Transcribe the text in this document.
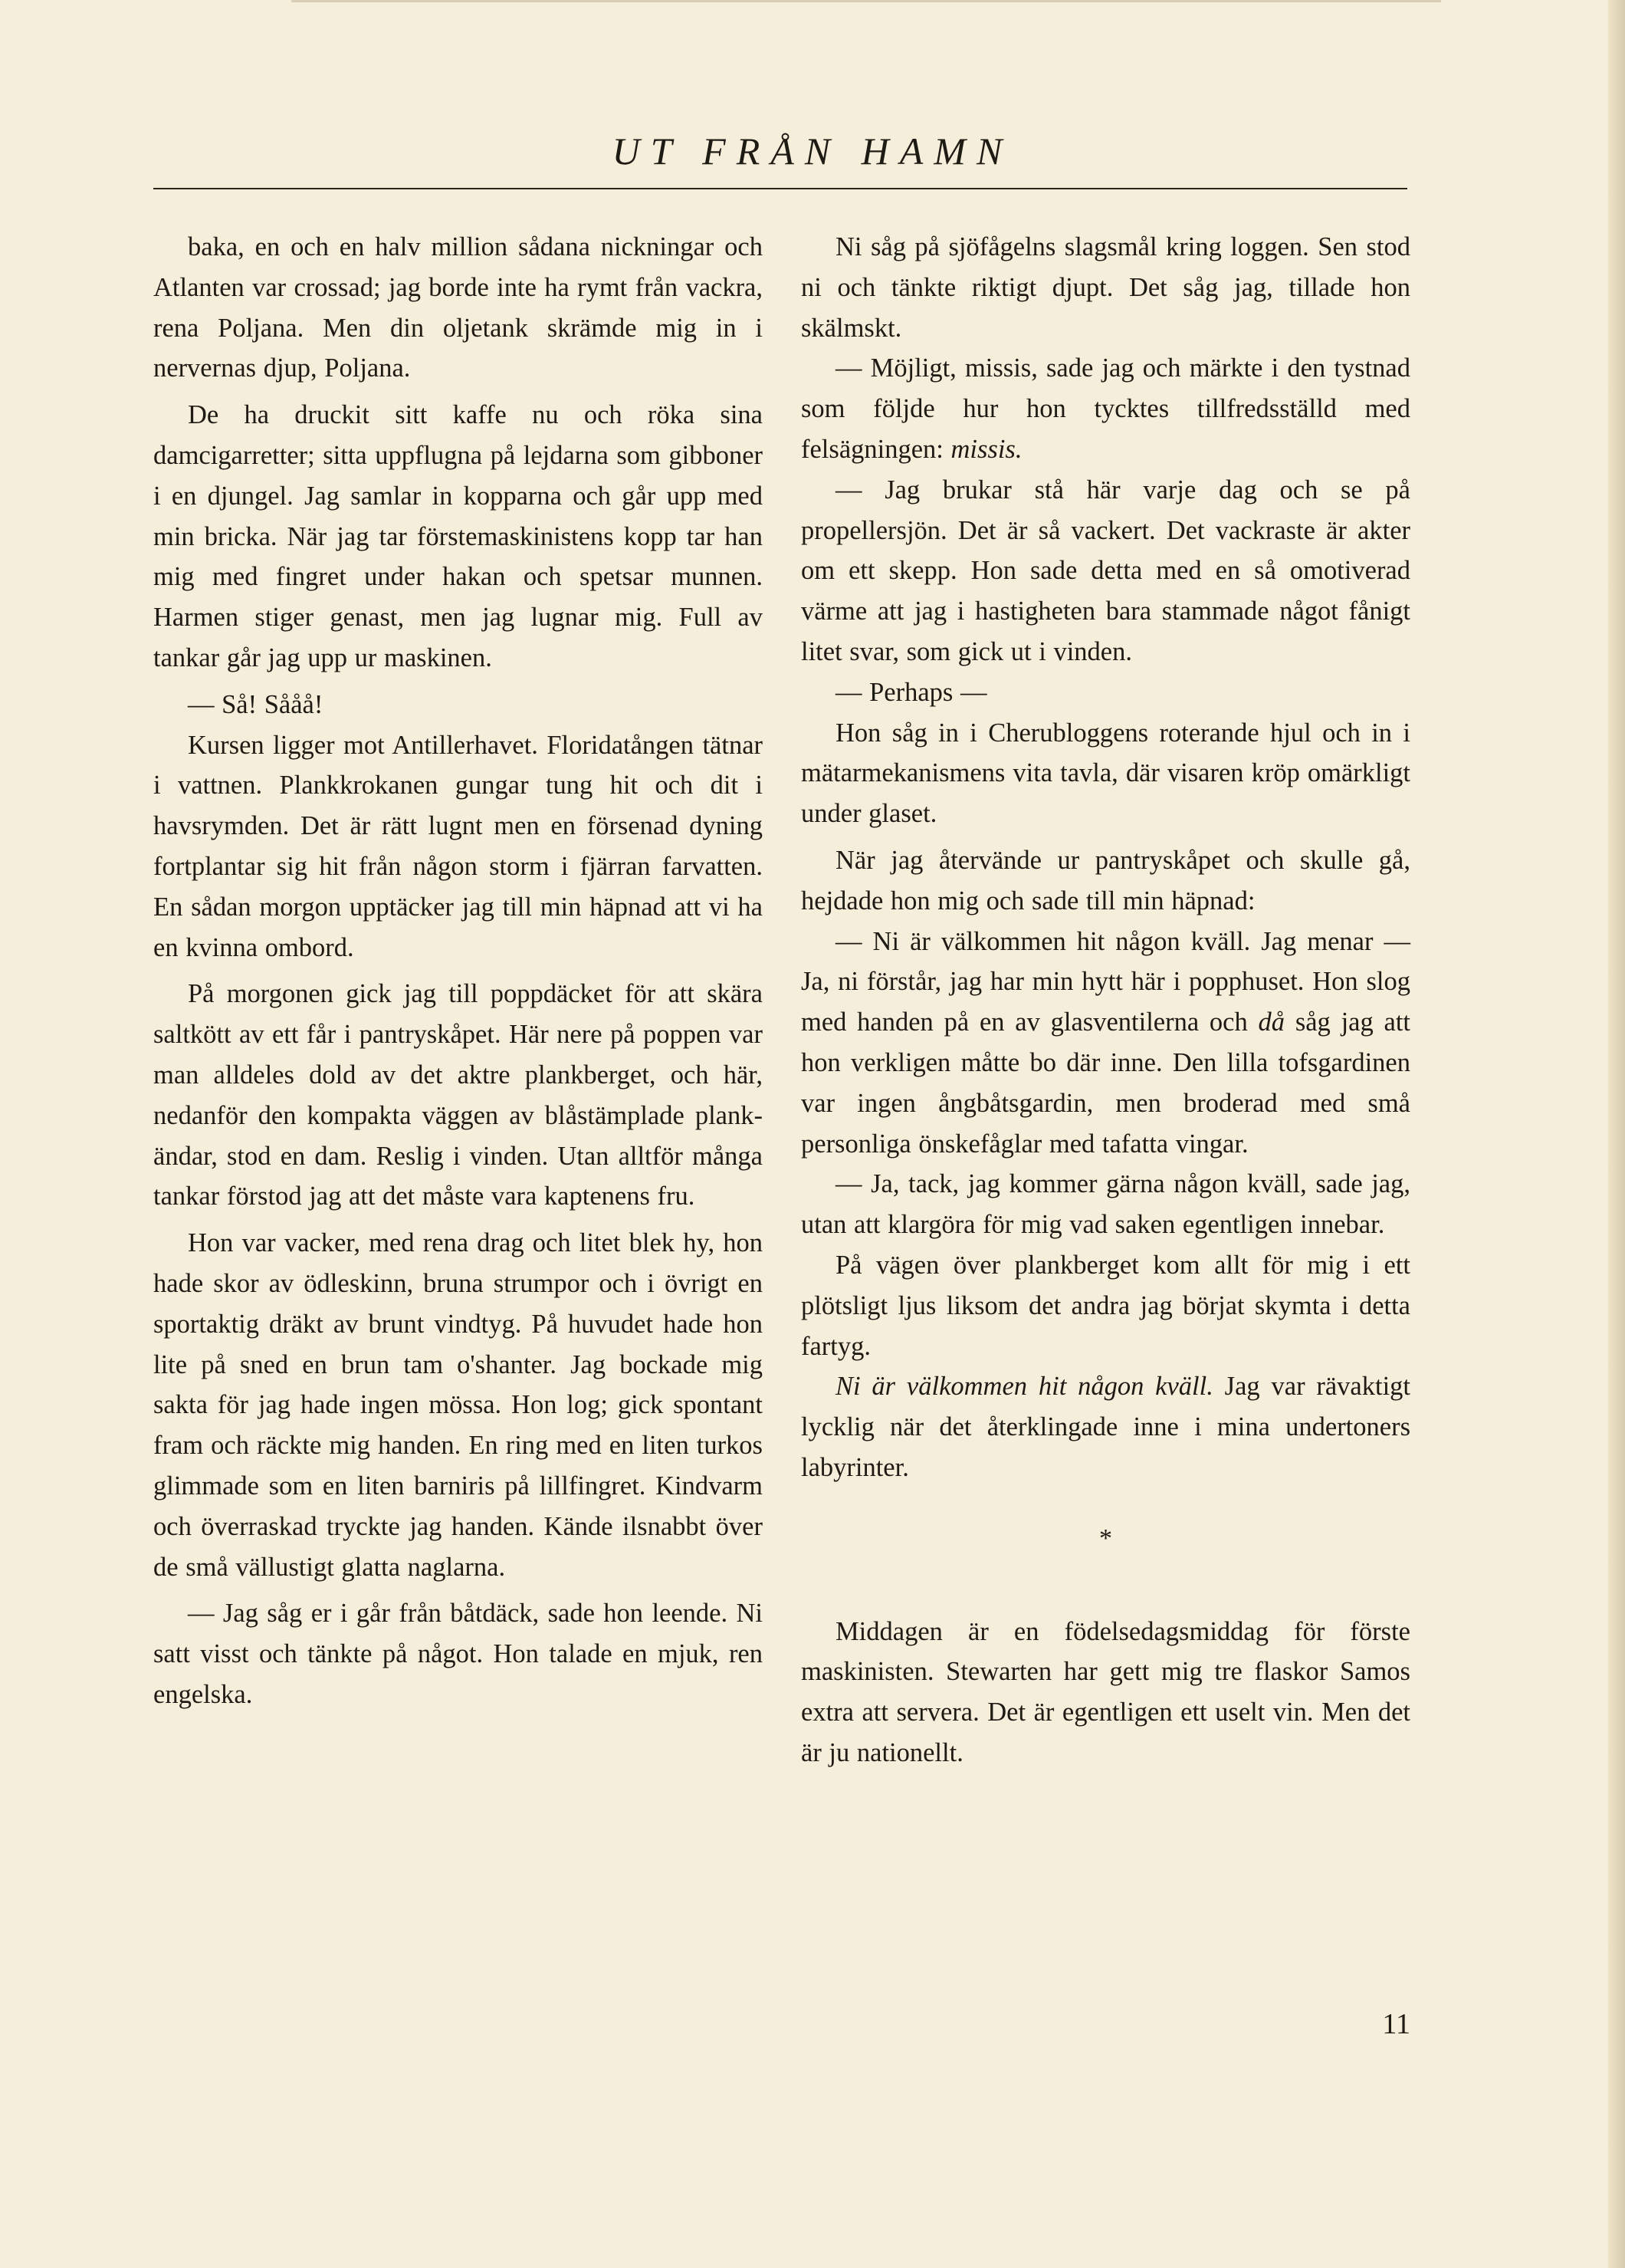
UT FRÅN HAMN

baka, en och en halv million sådana nickningar och Atlanten var crossad; jag borde inte ha rymt från vackra, rena Poljana. Men din oljetank skrämde mig in i nervernas djup, Poljana.

De ha druckit sitt kaffe nu och röka sina damcigarretter; sitta uppflugna på lejdarna som gibboner i en djungel. Jag samlar in kopparna och går upp med min bricka. När jag tar förstemaskinistens kopp tar han mig med fingret under hakan och spetsar munnen. Harmen stiger genast, men jag lugnar mig. Full av tankar går jag upp ur maskinen.

— Så! Sååå!

Kursen ligger mot Antillerhavet. Floridatången tätnar i vattnen. Plankkrokanen gungar tung hit och dit i havsrymden. Det är rätt lugnt men en försenad dyning fortplantar sig hit från någon storm i fjärran farvatten. En sådan morgon upptäcker jag till min häpnad att vi ha en kvinna ombord.

På morgonen gick jag till poppdäcket för att skära saltkött av ett får i pantryskåpet. Här nere på poppen var man alldeles dold av det aktre plankberget, och här, nedanför den kompakta väggen av blåstämplade plankändar, stod en dam. Reslig i vinden. Utan alltför många tankar förstod jag att det måste vara kaptenens fru.

Hon var vacker, med rena drag och litet blek hy, hon hade skor av ödleskinn, bruna strumpor och i övrigt en sportaktig dräkt av brunt vindtyg. På huvudet hade hon lite på sned en brun tam o'shanter. Jag bockade mig sakta för jag hade ingen mössa. Hon log; gick spontant fram och räckte mig handen. En ring med en liten turkos glimmade som en liten barniris på lillfingret. Kindvarm och överraskad tryckte jag handen. Kände ilsnabbt över de små vällustigt glatta naglarna.

— Jag såg er i går från båtdäck, sade hon leende. Ni satt visst och tänkte på något. Hon talade en mjuk, ren engelska.

Ni såg på sjöfågelns slagsmål kring loggen. Sen stod ni och tänkte riktigt djupt. Det såg jag, tillade hon skälmskt.

— Möjligt, missis, sade jag och märkte i den tystnad som följde hur hon tycktes tillfredsställd med felsägningen: missis.

— Jag brukar stå här varje dag och se på propellersjön. Det är så vackert. Det vackraste är akter om ett skepp. Hon sade detta med en så omotiverad värme att jag i hastigheten bara stammade något fånigt litet svar, som gick ut i vinden.

— Perhaps —

Hon såg in i Cherubloggens roterande hjul och in i mätarmekanismens vita tavla, där visaren kröp omärkligt under glaset.

När jag återvände ur pantryskåpet och skulle gå, hejdade hon mig och sade till min häpnad:

— Ni är välkommen hit någon kväll. Jag menar — Ja, ni förstår, jag har min hytt här i popphuset. Hon slog med handen på en av glasventilerna och då såg jag att hon verkligen måtte bo där inne. Den lilla tofsgardinen var ingen ångbåtsgardin, men broderad med små personliga önskefåglar med tafatta vingar.

— Ja, tack, jag kommer gärna någon kväll, sade jag, utan att klargöra för mig vad saken egentligen innebar.

På vägen över plankberget kom allt för mig i ett plötsligt ljus liksom det andra jag börjat skymta i detta fartyg.

Ni är välkommen hit någon kväll. Jag var rävaktigt lycklig när det återklingade inne i mina undertoners labyrinter.

*

Middagen är en födelsedagsmiddag för förste maskinisten. Stewarten har gett mig tre flaskor Samos extra att servera. Det är egentligen ett uselt vin. Men det är ju nationellt.

11
